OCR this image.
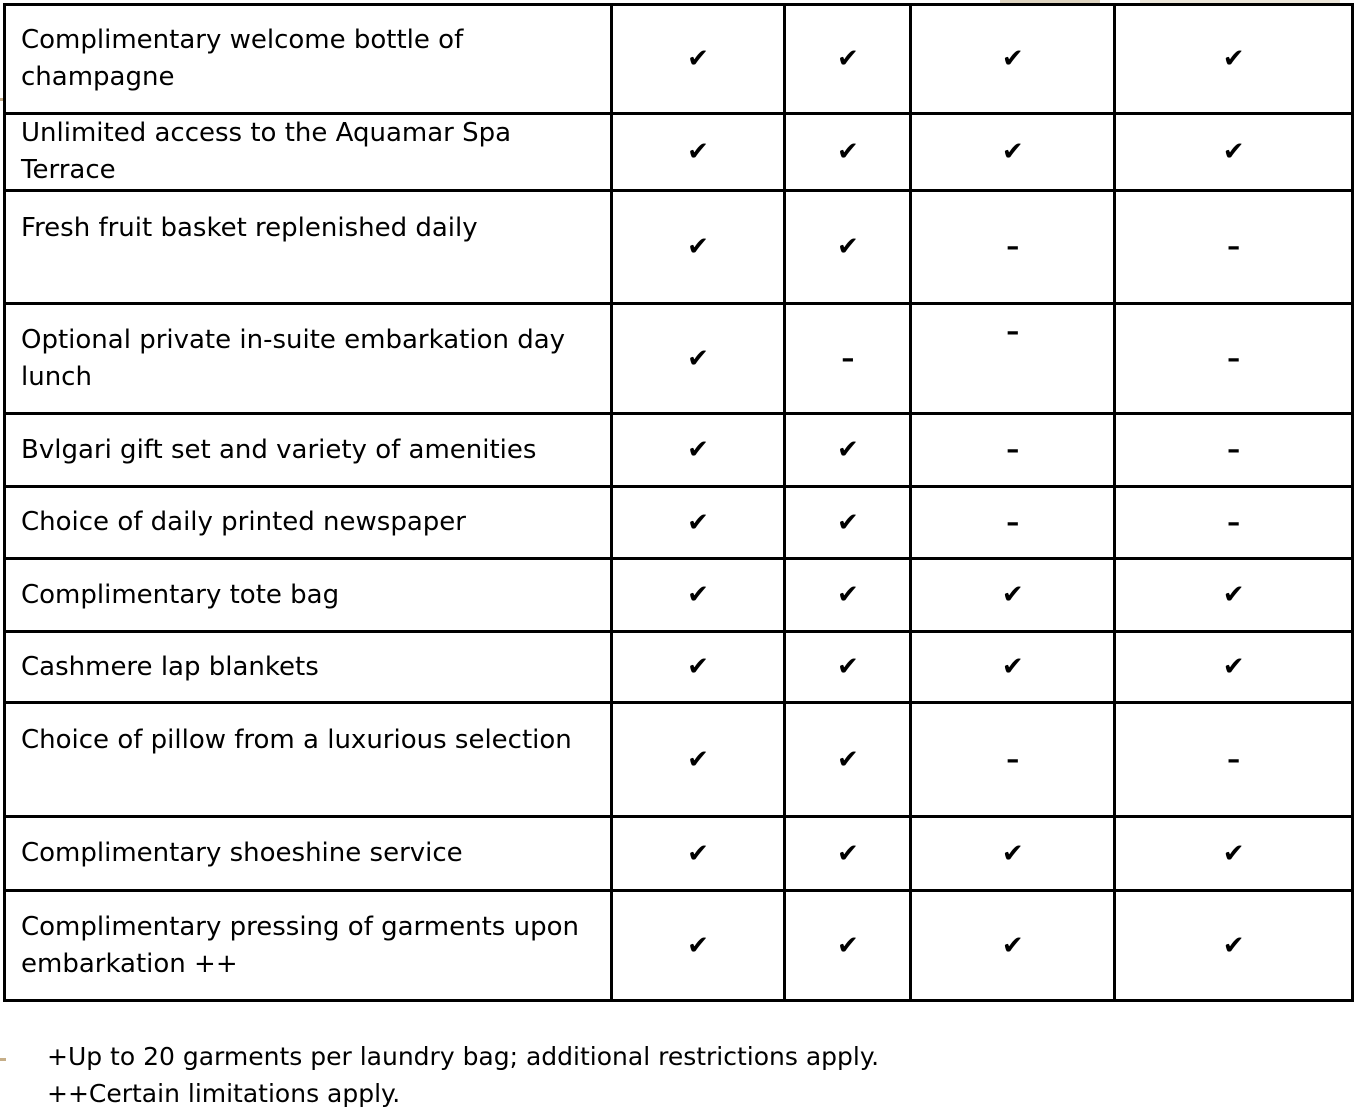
Complimentary welcome bottle of champagne	✔	✔	✔	✔
Unlimited access to the Aquamar Spa Terrace	✔	✔	✔	✔
Fresh fruit basket replenished daily	✔	✔	–	–
Optional private in-suite embarkation day lunch	✔	–	–	–
Bvlgari gift set and variety of amenities	✔	✔	–	–
Choice of daily printed newspaper	✔	✔	–	–
Complimentary tote bag	✔	✔	✔	✔
Cashmere lap blankets	✔	✔	✔	✔
Choice of pillow from a luxurious selection	✔	✔	–	–
Complimentary shoeshine service	✔	✔	✔	✔
Complimentary pressing of garments upon embarkation ++	✔	✔	✔	✔
+Up to 20 garments per laundry bag; additional restrictions apply.
++Certain limitations apply.
